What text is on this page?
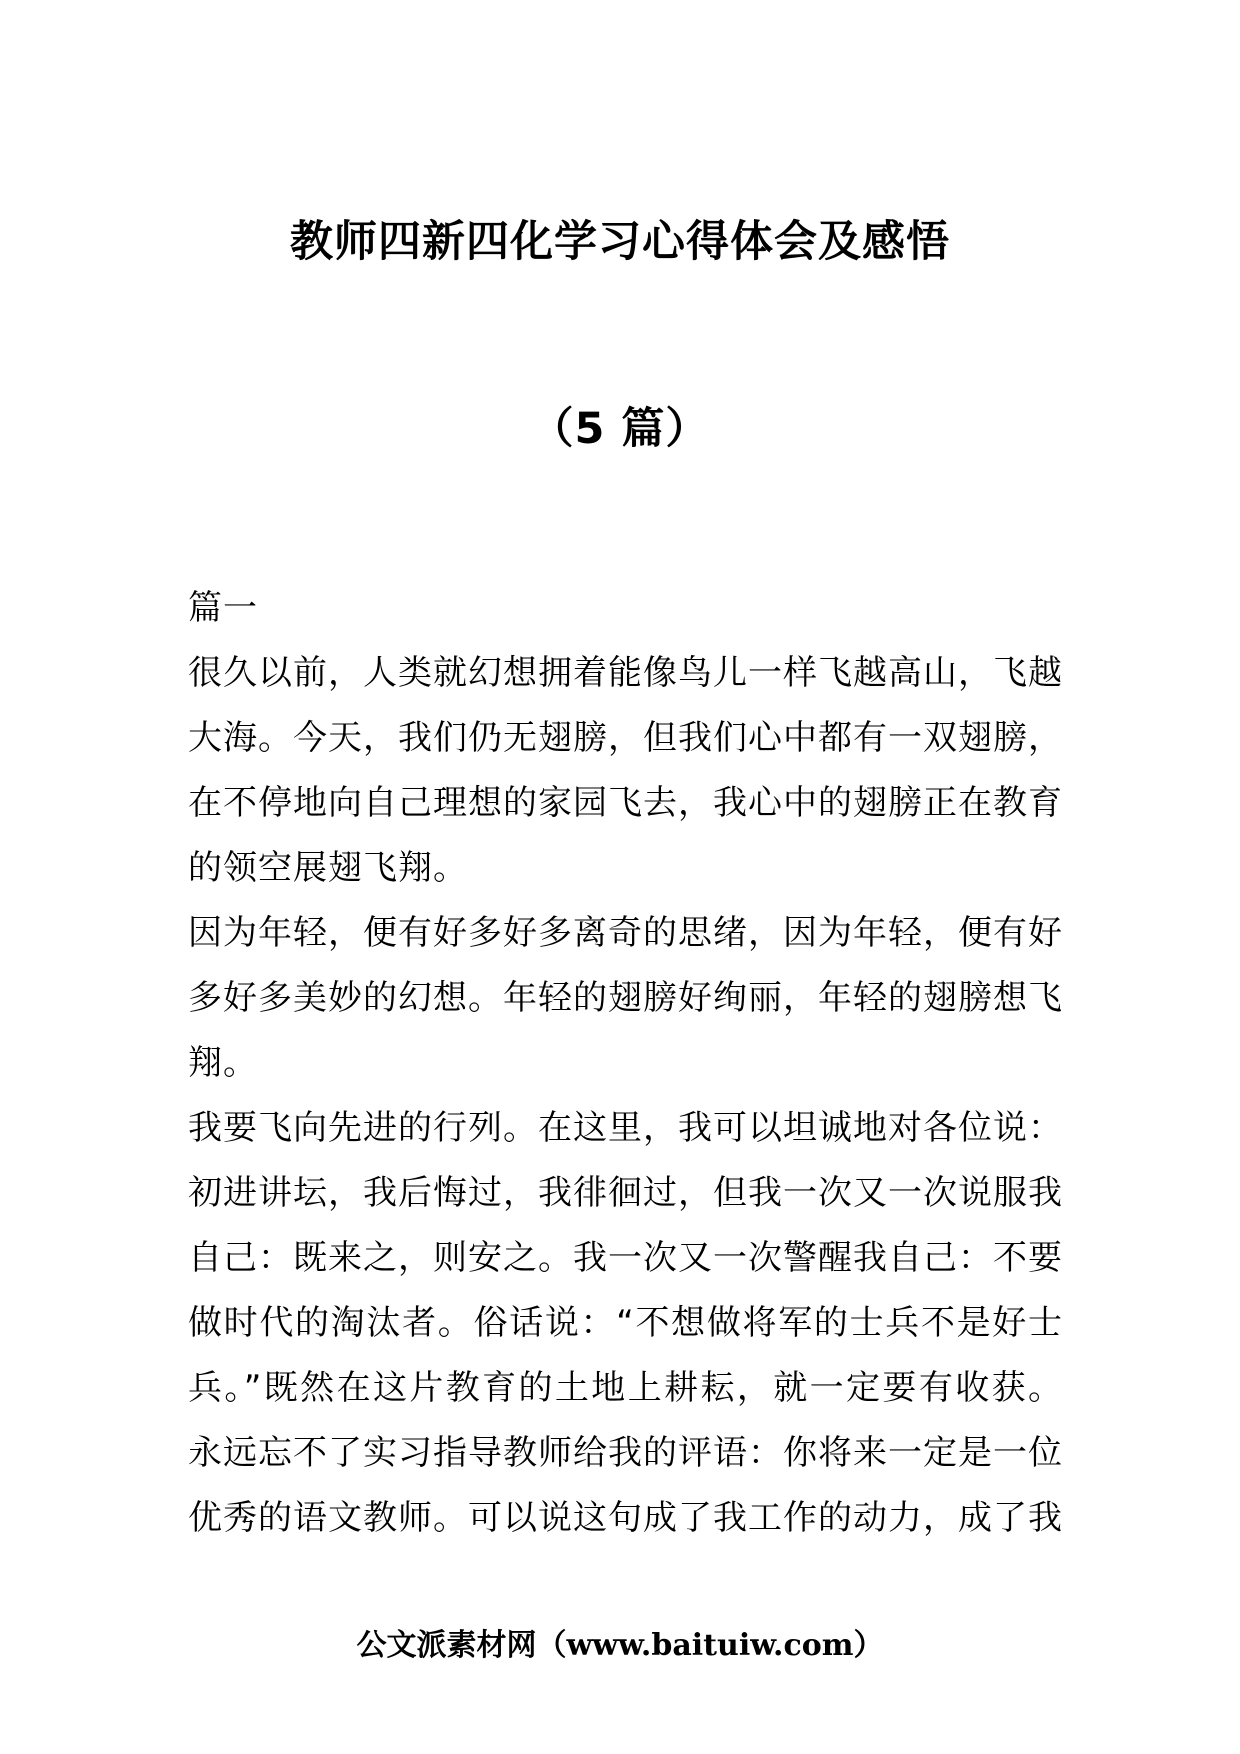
教师四新四化学习心得体会及感悟
（5 篇）

篇一

很久以前，人类就幻想拥着能像鸟儿一样飞越高山，飞越大海。今天，我们仍无翅膀，但我们心中都有一双翅膀，在不停地向自己理想的家园飞去，我心中的翅膀正在教育的领空展翅飞翔。

因为年轻，便有好多好多离奇的思绪，因为年轻，便有好多好多美妙的幻想。年轻的翅膀好绚丽，年轻的翅膀想飞翔。

我要飞向先进的行列。在这里，我可以坦诚地对各位说：初进讲坛，我后悔过，我徘徊过，但我一次又一次说服我自己：既来之，则安之。我一次又一次警醒我自己：不要做时代的淘汰者。俗话说：“不想做将军的士兵不是好士兵。”既然在这片教育的土地上耕耘，就一定要有收获。永远忘不了实习指导教师给我的评语：你将来一定是一位优秀的语文教师。可以说这句成了我工作的动力，成了我

公文派素材网（www.baituiw.com）
